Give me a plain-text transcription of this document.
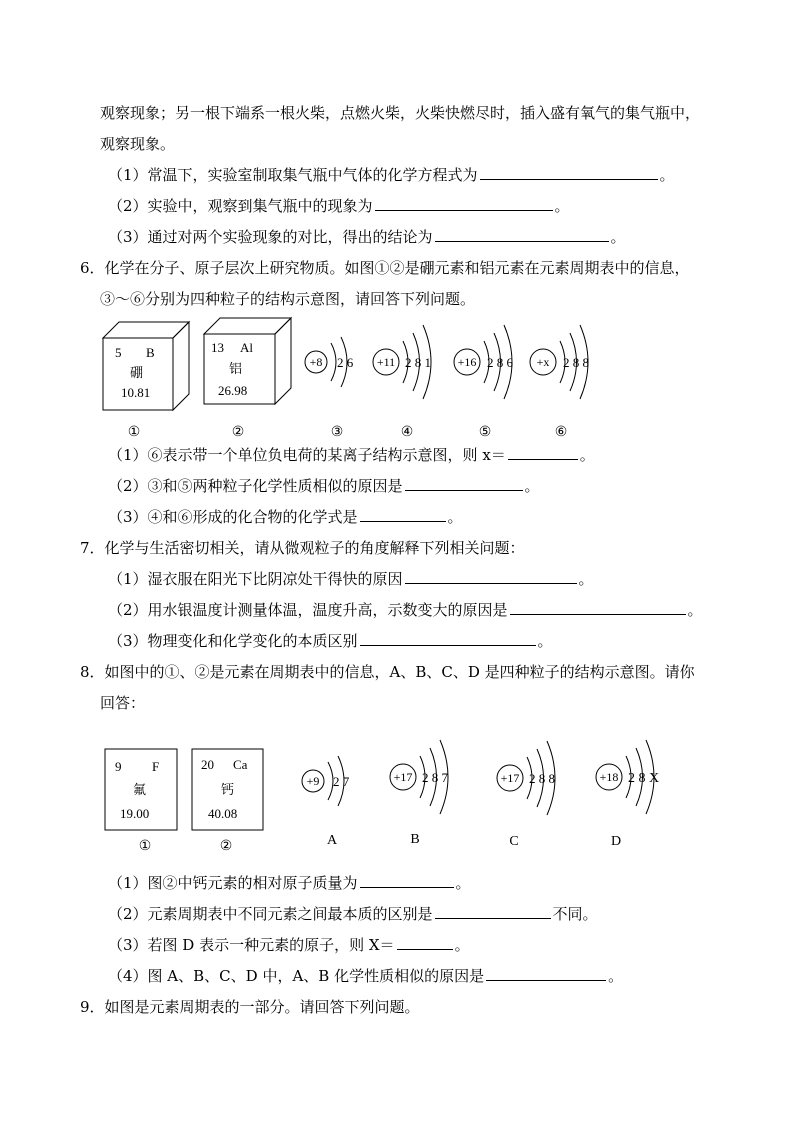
观察现象；另一根下端系一根火柴，点燃火柴，火柴快燃尽时，插入盛有氧气的集气瓶中，
观察现象。
（1）常温下，实验室制取集气瓶中气体的化学方程式为	。
（2）实验中，观察到集气瓶中的现象为	。
（3）通过对两个实验现象的对比，得出的结论为	。
6．化学在分子、原子层次上研究物质。如图①②是硼元素和铝元素在元素周期表中的信息，
③～⑥分别为四种粒子的结构示意图，请回答下列问题。
5 B
硼
10.81
13 Al
铝
26.98
+8 2 6 +11 2 8 1 +16 2 8 6 +x 2 8 8
①	②	③	④	⑤	⑥
（1）⑥表示带一个单位负电荷的某离子结构示意图，则 x＝	。
（2）③和⑤两种粒子化学性质相似的原因是	。
（3）④和⑥形成的化合物的化学式是	。
7．化学与生活密切相关，请从微观粒子的角度解释下列相关问题：
（1）湿衣服在阳光下比阴凉处干得快的原因	。
（2）用水银温度计测量体温，温度升高，示数变大的原因是	。
（3）物理变化和化学变化的本质区别	。
8．如图中的①、②是元素在周期表中的信息，A、B、C、D 是四种粒子的结构示意图。请你
回答：
9 F
氟
19.00
20 Ca
钙
40.08
+9 2 7	+17 2 8 7	+17 2 8 8	+18 2 8 X
①	②	A	B	C	D
（1）图②中钙元素的相对原子质量为	。
（2）元素周期表中不同元素之间最本质的区别是	不同。
（3）若图 D 表示一种元素的原子，则 X＝	。
（4）图 A、B、C、D 中，A、B 化学性质相似的原因是	。
9．如图是元素周期表的一部分。请回答下列问题。
